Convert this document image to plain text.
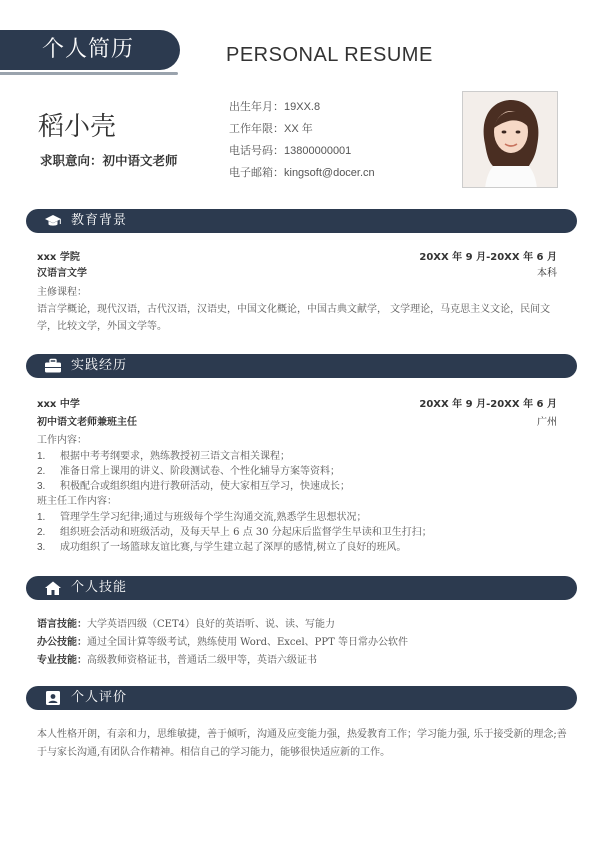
个人简历	PERSONAL RESUME
稻小壳
求职意向：初中语文老师
出生年月：19XX.8
工作年限：XX 年
电话号码：13800000001
电子邮箱：kingsoft@docer.cn
教育背景
xxx 学院	20XX 年 9 月-20XX 年 6 月
汉语言文学	本科
主修课程：
语言学概论，现代汉语，古代汉语，汉语史，中国文化概论，中国古典文献学， 文学理论，马克思主义文论，民间文学，比较文学，外国文学等。
实践经历
xxx 中学	20XX 年 9 月-20XX 年 6 月
初中语文老师兼班主任	广州
工作内容：
1. 根据中考考纲要求，熟练教授初三语文言相关课程；
2. 准备日常上课用的讲义、阶段测试卷、个性化辅导方案等资料；
3. 积极配合或组织组内进行教研活动，使大家相互学习，快速成长；
班主任工作内容：
1. 管理学生学习纪律;通过与班级每个学生沟通交流,熟悉学生思想状况；
2. 组织班会活动和班级活动，及每天早上 6 点 30 分起床后监督学生早读和卫生打扫；
3. 成功组织了一场篮球友谊比赛,与学生建立起了深厚的感情,树立了良好的班风。
个人技能
语言技能：大学英语四级（CET4）良好的英语听、说、读、写能力
办公技能：通过全国计算等级考试，熟练使用 Word、Excel、PPT 等日常办公软件
专业技能：高级教师资格证书，普通话二级甲等，英语六级证书
个人评价
本人性格开朗，有亲和力，思维敏捷，善于倾听，沟通及应变能力强，热爱教育工作；学习能力强, 乐于接受新的理念;善于与家长沟通,有团队合作精神。相信自己的学习能力，能够很快适应新的工作。
